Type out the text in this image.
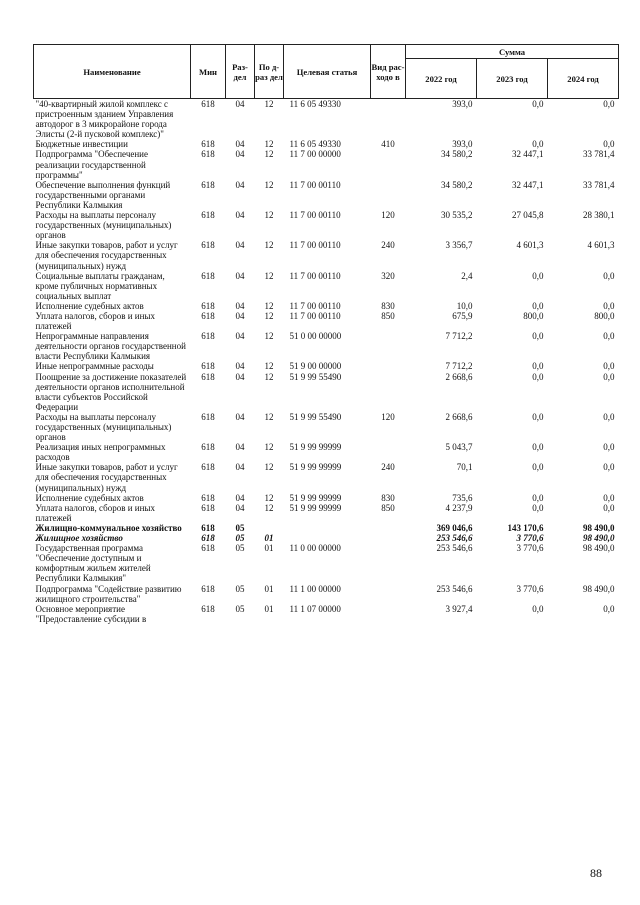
Наименование	Мин	Раз-дел	По д-раз дел	Целевая статья	Вид рас-ходо в	Сумма		
						2022 год	2023 год	2024 год
"40-квартирный жилой комплекс с пристроенным зданием Управления автодорог в 3 микрорайоне города Элисты (2-й пусковой комплекс)"	618	04	12	11 6 05 49330		393,0	0,0	0,0
Бюджетные инвестиции	618	04	12	11 6 05 49330	410	393,0	0,0	0,0
Подпрограмма "Обеспечение реализации государственной программы"	618	04	12	11 7 00 00000		34 580,2	32 447,1	33 781,4
Обеспечение выполнения функций государственными органами Республики Калмыкия	618	04	12	11 7 00 00110		34 580,2	32 447,1	33 781,4
Расходы на выплаты персоналу государственных (муниципальных) органов	618	04	12	11 7 00 00110	120	30 535,2	27 045,8	28 380,1
Иные закупки товаров, работ и услуг для обеспечения государственных (муниципальных) нужд	618	04	12	11 7 00 00110	240	3 356,7	4 601,3	4 601,3
Социальные выплаты гражданам, кроме публичных нормативных социальных выплат	618	04	12	11 7 00 00110	320	2,4	0,0	0,0
Исполнение судебных актов	618	04	12	11 7 00 00110	830	10,0	0,0	0,0
Уплата налогов, сборов и иных платежей	618	04	12	11 7 00 00110	850	675,9	800,0	800,0
Непрограммные направления деятельности органов государственной власти Республики Калмыкия	618	04	12	51 0 00 00000		7 712,2	0,0	0,0
Иные непрограммные расходы	618	04	12	51 9 00 00000		7 712,2	0,0	0,0
Поощрение за достижение показателей деятельности органов исполнительной власти субъектов Российской Федерации	618	04	12	51 9 99 55490		2 668,6	0,0	0,0
Расходы на выплаты персоналу государственных (муниципальных) органов	618	04	12	51 9 99 55490	120	2 668,6	0,0	0,0
Реализация иных непрограммных расходов	618	04	12	51 9 99 99999		5 043,7	0,0	0,0
Иные закупки товаров, работ и услуг для обеспечения государственных (муниципальных) нужд	618	04	12	51 9 99 99999	240	70,1	0,0	0,0
Исполнение судебных актов	618	04	12	51 9 99 99999	830	735,6	0,0	0,0
Уплата налогов, сборов и иных платежей	618	04	12	51 9 99 99999	850	4 237,9	0,0	0,0
Жилищно-коммунальное хозяйство	618	05				369 046,6	143 170,6	98 490,0
Жилищное хозяйство	618	05	01			253 546,6	3 770,6	98 490,0
Государственная программа "Обеспечение доступным и комфортным жильем жителей Республики Калмыкия"	618	05	01	11 0 00 00000		253 546,6	3 770,6	98 490,0
Подпрограмма "Содействие развитию жилищного строительства"	618	05	01	11 1 00 00000		253 546,6	3 770,6	98 490,0
Основное мероприятие "Предоставление субсидии в	618	05	01	11 1 07 00000		3 927,4	0,0	0,0
88
